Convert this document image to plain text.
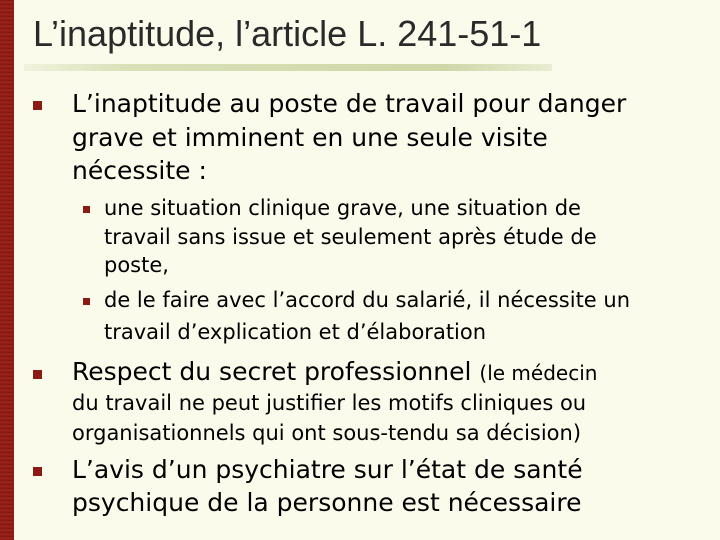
L’inaptitude, l’article L. 241-51-1
L’inaptitude au poste de travail pour danger
grave et imminent en une seule visite
nécessite :
une situation clinique grave, une situation de
travail sans issue et seulement après étude de
poste,
de le faire avec l’accord du salarié, il nécessite un
travail d’explication et d’élaboration
Respect du secret professionnel (le médecin
du travail ne peut justifier les motifs cliniques ou
organisationnels qui ont sous-tendu sa décision)
L’avis d’un psychiatre sur l’état de santé
psychique de la personne est nécessaire
